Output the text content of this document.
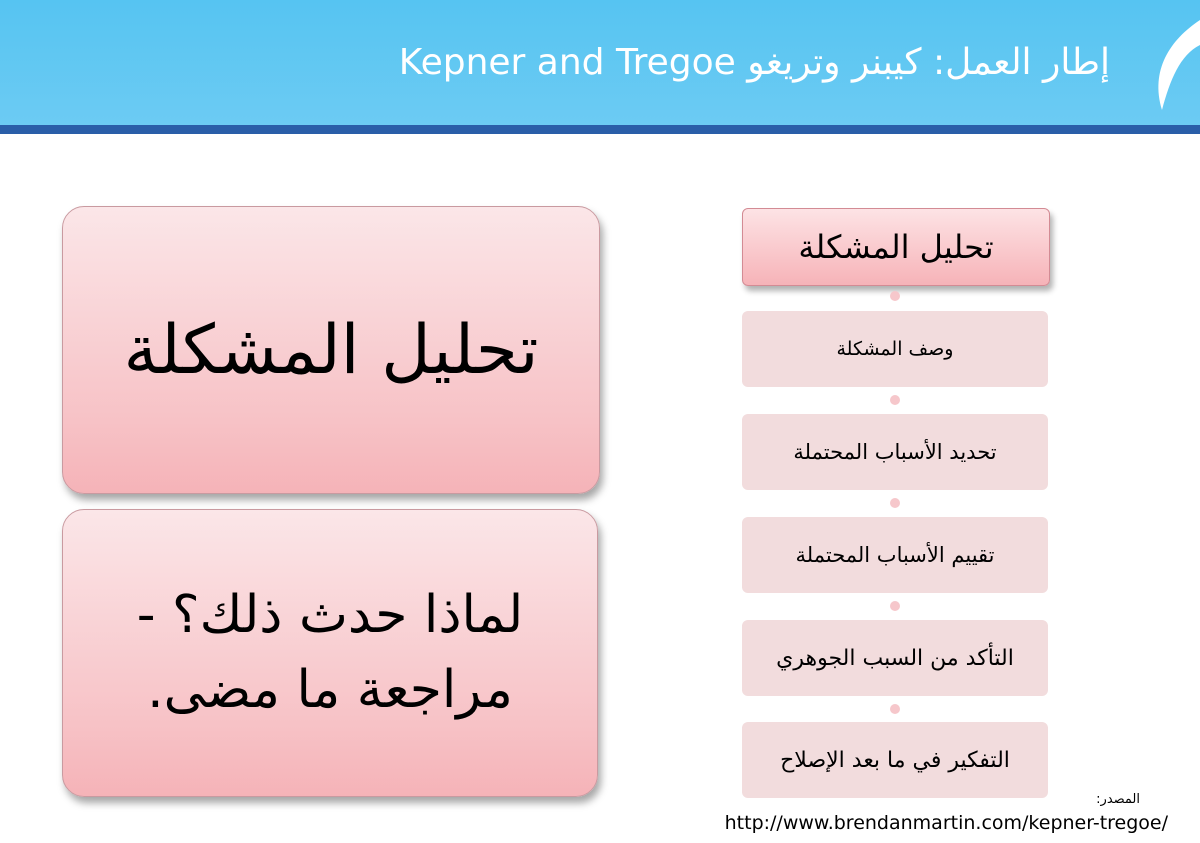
إطار العمل: كيبنر وتريغو Kepner and Tregoe
تحليل المشكلة
لماذا حدث ذلك؟ - مراجعة ما مضى.
تحليل المشكلة
وصف المشكلة
تحديد الأسباب المحتملة
تقييم الأسباب المحتملة
التأكد من السبب الجوهري
التفكير في ما بعد الإصلاح
المصدر:
http://www.brendanmartin.com/kepner-tregoe/
